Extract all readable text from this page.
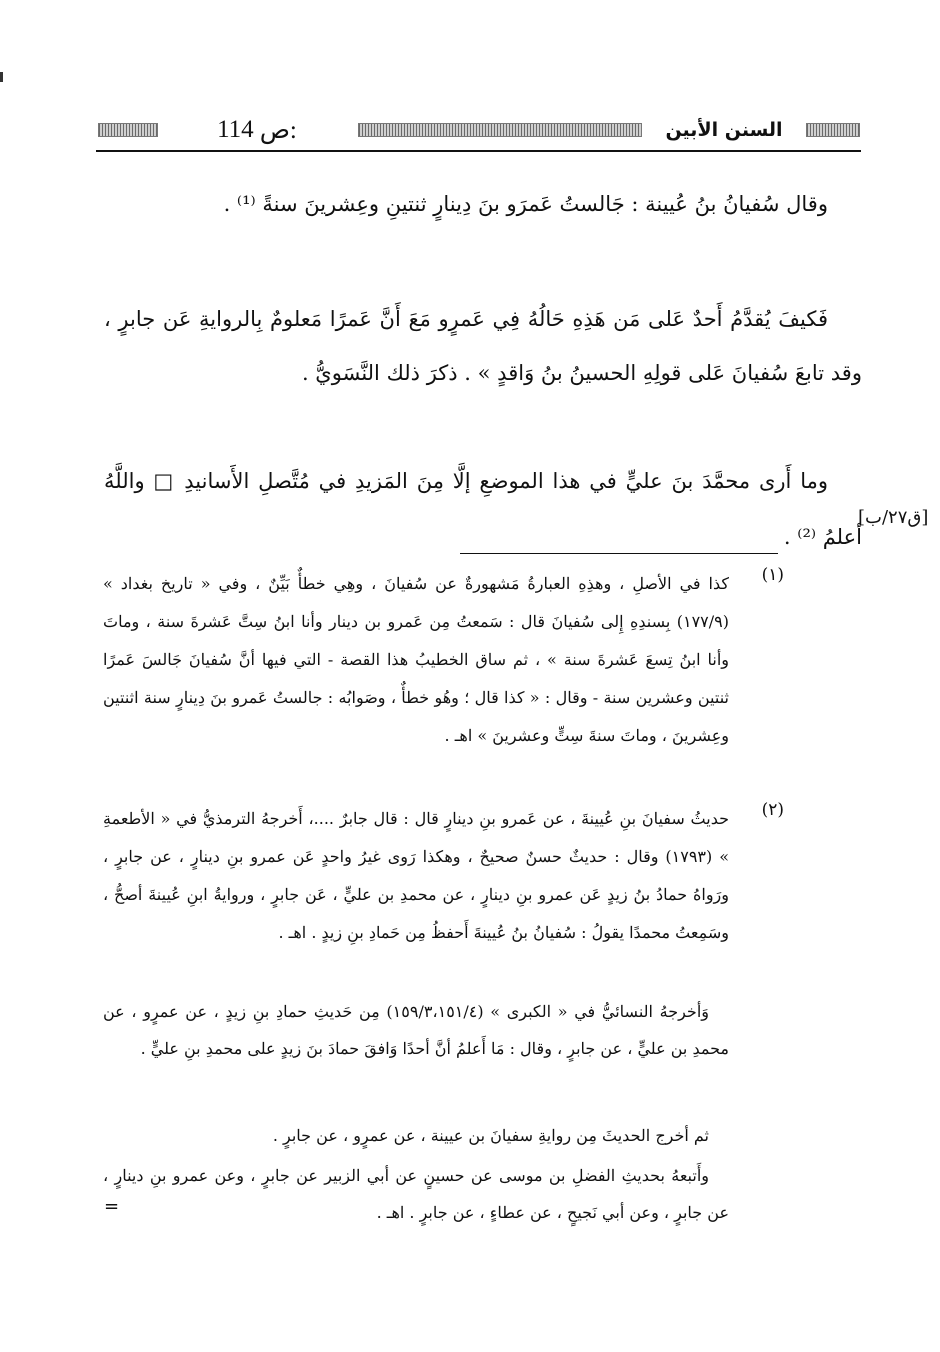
114 ص:	السنن الأبين

وقال سُفيانُ بنُ عُيينة : جَالستُ عَمرَو بنَ دِينارٍ ثنتينِ وعِشرينَ سنةً ⁽¹⁾ .

فَكيفَ يُقدَّمُ أَحدٌ عَلى مَن هَذِهِ حَالُهُ فِي عَمرٍو مَعَ أَنَّ عَمرًا مَعلومٌ بِالروايةِ عَن جابرٍ ، وقد تابعَ سُفيانَ عَلى قولِهِ الحسينُ بنُ وَاقدٍ » . ذكرَ ذلك النَّسَويُّ .

وما أَرى محمَّدَ بنَ عليٍّ في هذا الموضعِ إلَّا مِنَ المَزيدِ في مُتَّصلِ الأَسانيدِ □ واللَّهُ أعلمُ ⁽²⁾ .

[ق٢٧/ب]
(١)
كذا في الأصلِ ، وهذِهِ العبارةُ مَشهورةٌ عن سُفيانَ ، وهِي خطأٌ بَيِّنٌ ، وفي « تاريخ بغداد » (١٧٧/٩) بِسندِهِ إِلى سُفيانَ قال : سَمعتُ مِن عَمرو بن دينار وأنا ابنُ سِتَّ عَشرةَ سنة ، وماتَ وأنا ابنُ تِسعَ عَشرةَ سنة » ، ثم ساق الخطيبُ هذا القصة - التي فيها أنَّ سُفيانَ جَالسَ عَمرًا ثنتين وعشرين سنة - وقال : « كذا قال ؛ وهُو خطأٌ ، وصَوابُه : جالستُ عَمرو بنَ دِينارٍ سنة اثنتين وعِشرينَ ، وماتَ سنةَ سِتٍّ وعشرينَ » اهـ .
(٢)
حديثُ سفيانَ بنِ عُيينةَ ، عن عَمرو بنِ دينارٍ قال : قال جابرٌ ....، أَخرجهُ الترمذيُّ في « الأطعمةِ » (١٧٩٣) وقال : حديثٌ حسنٌ صحيحٌ ، وهكذا رَوى غيرُ واحدٍ عَن عمرو بنِ دينارٍ ، عن جابرٍ ، ورَواهُ حمادُ بنُ زيدٍ عَن عمرو بنِ دينارٍ ، عن محمدِ بن عليٍّ ، عَن جابرٍ ، وروايةُ ابنِ عُيينةَ أصحُّ ، وسَمِعتُ محمدًا يقولُ : سُفيانُ بنُ عُيينةَ أَحفظُ مِن حَمادِ بنِ زيدٍ . اهـ .
وَأخرجهُ النسائيُّ في « الكبرى » (١٥٩/٣،١٥١/٤) مِن حَديثِ حمادِ بنِ زيدٍ ، عن عمرٍو ، عن محمدِ بن عليٍّ ، عن جابرٍ ، وقال : مَا أَعلمُ أنَّ أحدًا وَافقَ حمادَ بنَ زيدٍ على محمدِ بنِ عليٍّ .
ثم أخرج الحديثَ مِن روايةِ سفيانَ بن عيينة ، عن عمرٍو ، عن جابرٍ .
وأَتبعهُ بحديثِ الفضلِ بن موسى عن حسينٍ عن أبي الزبير عن جابرٍ ، وعن عمرو بنِ دينارٍ ، عن جابرٍ ، وعن أبي نَجيحٍ ، عن عطاءٍ ، عن جابرٍ . اهـ .
=
